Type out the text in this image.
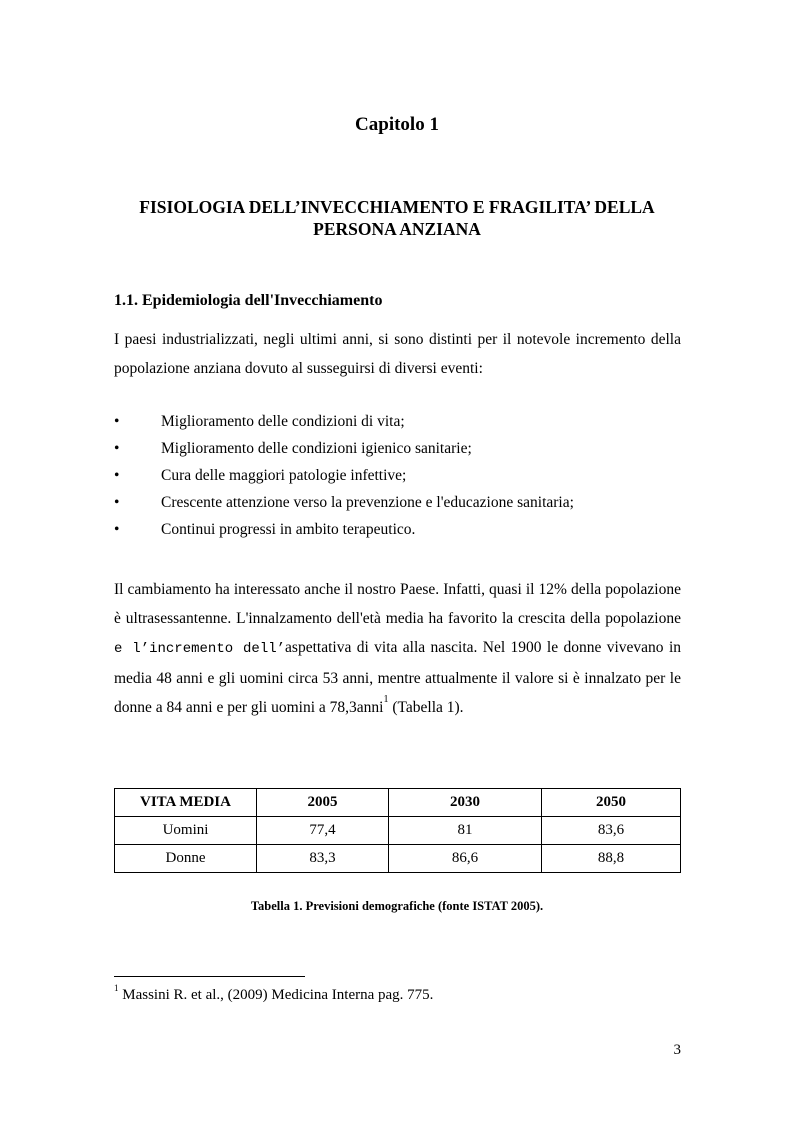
Capitolo 1
FISIOLOGIA DELL’INVECCHIAMENTO E FRAGILITA’ DELLA
PERSONA ANZIANA
1.1. Epidemiologia dell'Invecchiamento
I paesi industrializzati, negli ultimi anni, si sono distinti per il notevole incremento della popolazione anziana dovuto al susseguirsi di diversi eventi:
•	Miglioramento delle condizioni di vita;
•	Miglioramento delle condizioni igienico sanitarie;
•	Cura delle maggiori patologie infettive;
•	Crescente attenzione verso la prevenzione e l'educazione sanitaria;
•	Continui progressi in ambito terapeutico.
Il cambiamento ha interessato anche il nostro Paese. Infatti, quasi il 12% della popolazione è ultrasessantenne. L'innalzamento dell'età media ha favorito la crescita della popolazione e l’incremento dell’aspettativa di vita alla nascita. Nel 1900 le donne vivevano in media 48 anni e gli uomini circa 53 anni, mentre attualmente il valore si è innalzato per le donne a 84 anni e per gli uomini a 78,3anni$^1$ (Tabella 1).
VITA MEDIA	2005	2030	2050
Uomini	77,4	81	83,6
Donne	83,3	86,6	88,8
Tabella 1. Previsioni demografiche (fonte ISTAT 2005).
$^1$ Massini R. et al., (2009) Medicina Interna pag. 775.
3
